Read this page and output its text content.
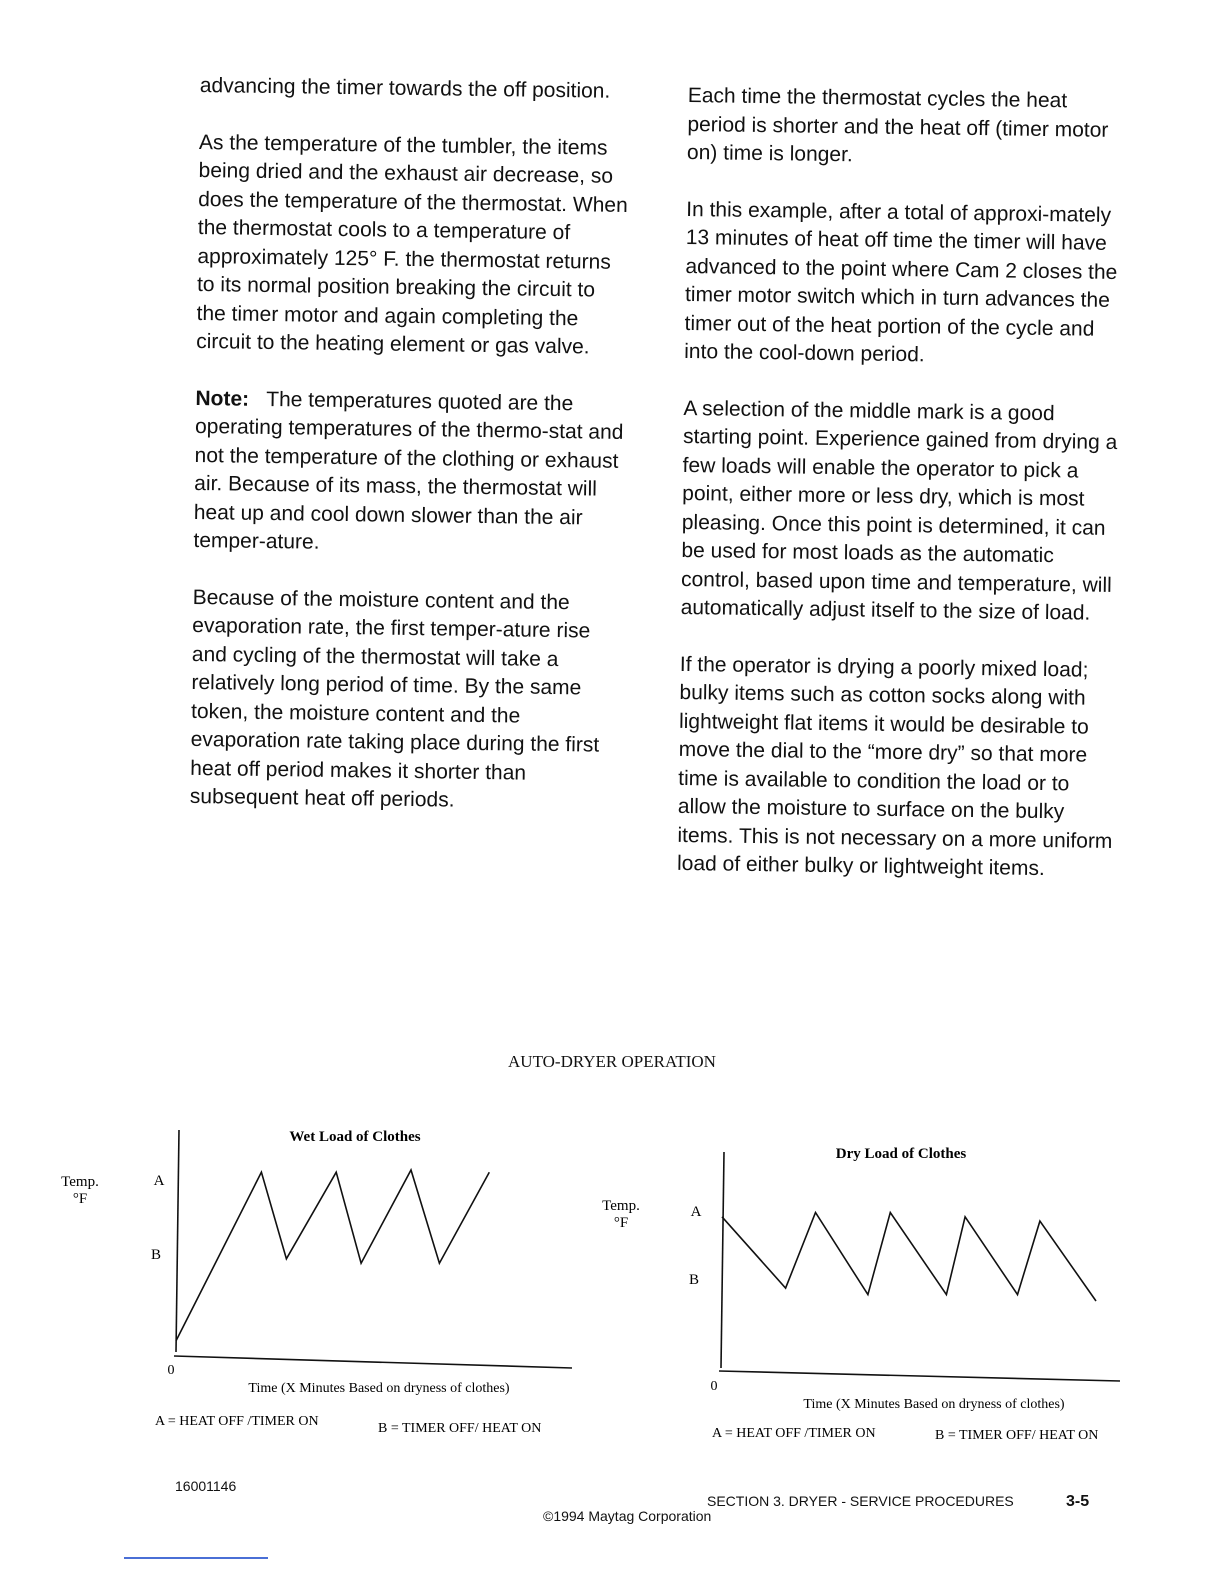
advancing the timer towards the off position.

As the temperature of the tumbler, the items being dried and the exhaust air decrease, so does the temperature of the thermostat. When the thermostat cools to a temperature of approximately 125° F. the thermostat returns to its normal position breaking the circuit to the timer motor and again completing the circuit to the heating element or gas valve.

Note: The temperatures quoted are the operating temperatures of the thermo-stat and not the temperature of the clothing or exhaust air. Because of its mass, the thermostat will heat up and cool down slower than the air temper-ature.

Because of the moisture content and the evaporation rate, the first temper-ature rise and cycling of the thermostat will take a relatively long period of time. By the same token, the moisture content and the evaporation rate taking place during the first heat off period makes it shorter than subsequent heat off periods.

Each time the thermostat cycles the heat period is shorter and the heat off (timer motor on) time is longer.

In this example, after a total of approxi-mately 13 minutes of heat off time the timer will have advanced to the point where Cam 2 closes the timer motor switch which in turn advances the timer out of the heat portion of the cycle and into the cool-down period.

A selection of the middle mark is a good starting point. Experience gained from drying a few loads will enable the operator to pick a point, either more or less dry, which is most pleasing. Once this point is determined, it can be used for most loads as the automatic control, based upon time and temperature, will automatically adjust itself to the size of load.

If the operator is drying a poorly mixed load; bulky items such as cotton socks along with lightweight flat items it would be desirable to move the dial to the “more dry” so that more time is available to condition the load or to allow the moisture to surface on the bulky items. This is not necessary on a more uniform load of either bulky or lightweight items.

AUTO-DRYER OPERATION
Wet Load of Clothes
Temp. °F
A
B
0
Time (X Minutes Based on dryness of clothes)
A = HEAT OFF /TIMER ON	B = TIMER OFF/ HEAT ON
Dry Load of Clothes
Temp. °F
A
B
0
Time (X Minutes Based on dryness of clothes)
A = HEAT OFF /TIMER ON	B = TIMER OFF/ HEAT ON
16001146
SECTION 3. DRYER - SERVICE PROCEDURES	3-5
©1994 Maytag Corporation
